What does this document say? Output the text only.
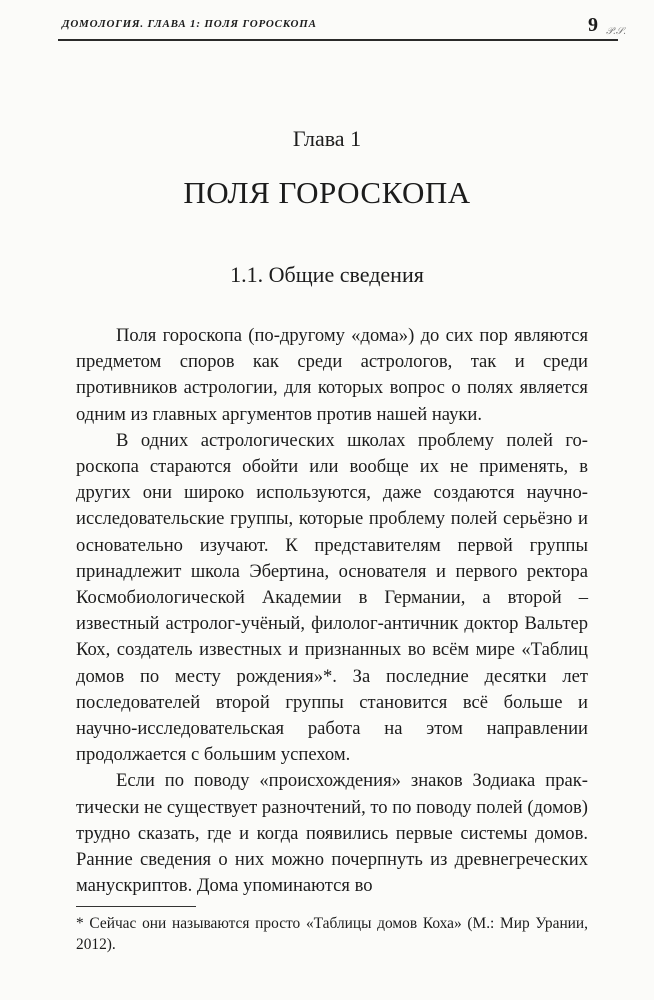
ДОМОЛОГИЯ. ГЛАВА 1: ПОЛЯ ГОРОСКОПА	9 𝒫.𝒮.
Глава 1
ПОЛЯ ГОРОСКОПА
1.1. Общие сведения

Поля гороскопа (по-другому «дома») до сих пор являются предметом споров как среди астрологов, так и среди противников астрологии, для которых вопрос о полях является одним из главных аргументов против нашей науки.

В одних астрологических школах проблему полей гороскопа стараются обойти или вообще их не применять, в других они широко используются, даже создаются научно-исследовательские группы, которые проблему полей серьёзно и основательно изучают. К представителям первой группы принадлежит школа Эбертина, основателя и первого ректора Космобиологической Академии в Германии, а второй – известный астролог-учёный, филолог-античник доктор Вальтер Кох, создатель известных и признанных во всём мире «Таблиц домов по месту рождения»*. За последние десятки лет последователей второй группы становится всё больше и научно-исследовательская работа на этом направлении продолжается с большим успехом.

Если по поводу «происхождения» знаков Зодиака практически не существует разночтений, то по поводу полей (домов) трудно сказать, где и когда появились первые системы домов. Ранние сведения о них можно почерпнуть из древнегреческих манускриптов. Дома упоминаются во

* Сейчас они называются просто «Таблицы домов Коха» (М.: Мир Урании, 2012).
